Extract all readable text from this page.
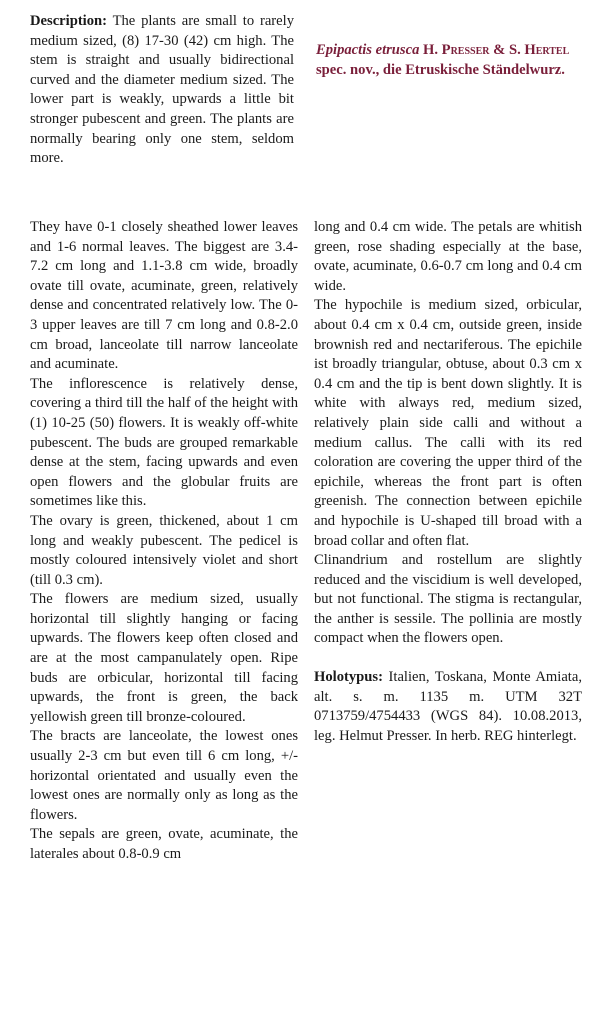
Description: The plants are small to rarely medium sized, (8) 17-30 (42) cm high. The stem is straight and usually bidirectional curved and the diameter medium sized. The lower part is weakly, upwards a little bit stronger pubescent and green. The plants are normally bearing only one stem, seldom more.
Epipactis etrusca H. Presser & S. Hertel spec. nov., die Etruskische Ständelwurz.

They have 0-1 closely sheathed lower leaves and 1-6 normal leaves. The biggest are 3.4-7.2 cm long and 1.1-3.8 cm wide, broadly ovate till ovate, acuminate, green, relatively dense and concentrated relatively low. The 0-3 upper leaves are till 7 cm long and 0.8-2.0 cm broad, lanceolate till narrow lanceolate and acuminate.

The inflorescence is relatively dense, covering a third till the half of the height with (1) 10-25 (50) flowers. It is weakly off-white pubescent. The buds are grouped remarkable dense at the stem, facing upwards and even open flowers and the globular fruits are sometimes like this.

The ovary is green, thickened, about 1 cm long and weakly pubescent. The pedicel is mostly coloured intensively violet and short (till 0.3 cm).

The flowers are medium sized, usually horizontal till slightly hanging or facing upwards. The flowers keep often closed and are at the most campanulately open. Ripe buds are orbicular, horizontal till facing upwards, the front is green, the back yellowish green till bronze-coloured.

The bracts are lanceolate, the lowest ones usually 2-3 cm but even till 6 cm long, +/- horizontal orientated and usually even the lowest ones are normally only as long as the flowers.

The sepals are green, ovate, acuminate, the laterales about 0.8-0.9 cm

long and 0.4 cm wide. The petals are whitish green, rose shading especially at the base, ovate, acuminate, 0.6-0.7 cm long and 0.4 cm wide.

The hypochile is medium sized, orbicular, about 0.4 cm x 0.4 cm, outside green, inside brownish red and nectariferous. The epichile ist broadly triangular, obtuse, about 0.3 cm x 0.4 cm and the tip is bent down slightly. It is white with always red, medium sized, relatively plain side calli and without a medium callus. The calli with its red coloration are covering the upper third of the epichile, whereas the front part is often greenish. The connection between epichile and hypochile is U-shaped till broad with a broad collar and often flat.

Clinandrium and rostellum are slightly reduced and the viscidium is well developed, but not functional. The stigma is rectangular, the anther is sessile. The pollinia are mostly compact when the flowers open.

Holotypus: Italien, Toskana, Monte Amiata, alt. s. m. 1135 m. UTM 32T 0713759/4754433 (WGS 84). 10.08.2013, leg. Helmut Presser. In herb. REG hinterlegt.
